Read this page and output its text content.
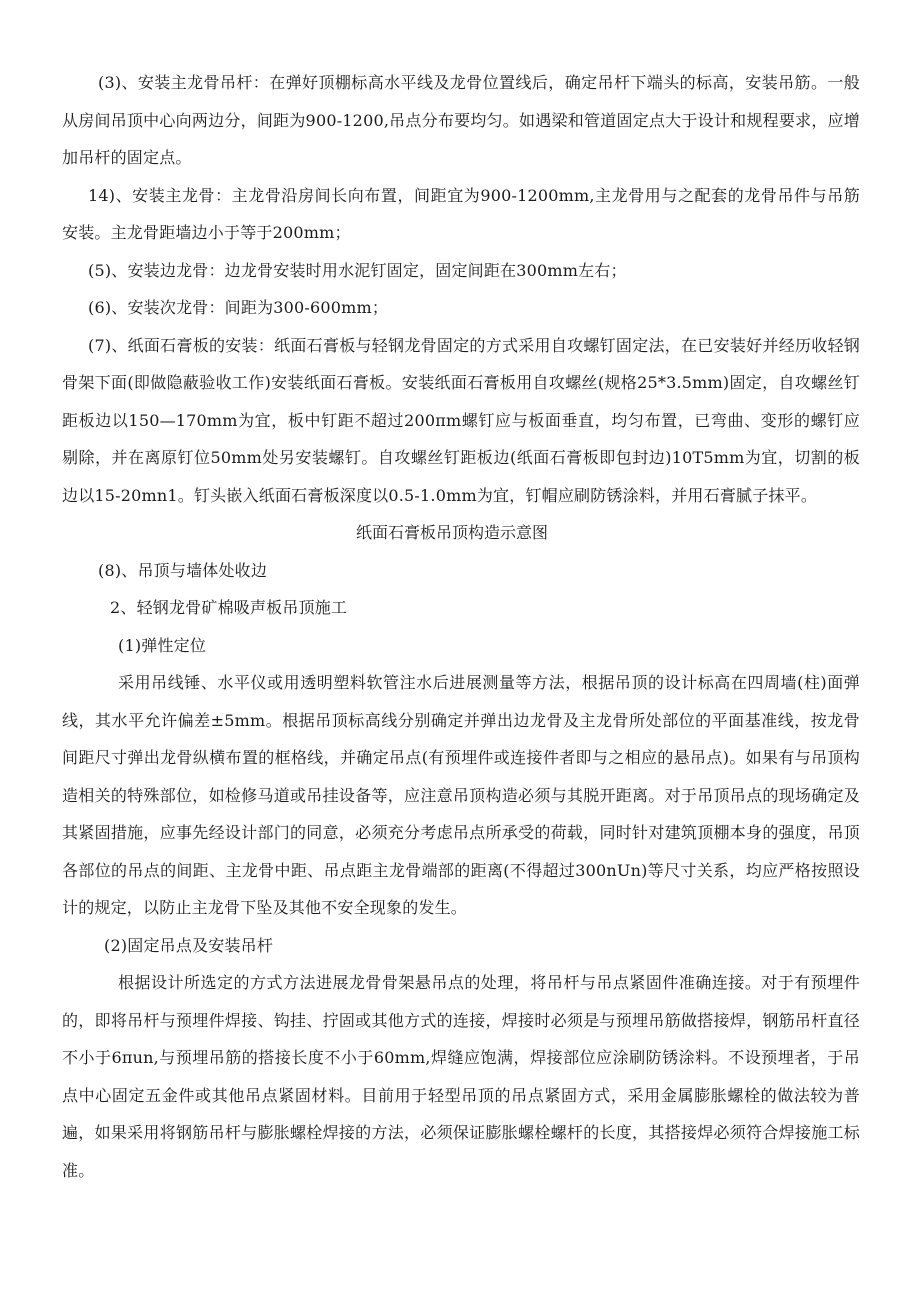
(3)、安装主龙骨吊杆：在弹好顶棚标高水平线及龙骨位置线后，确定吊杆下端头的标高，安装吊筋。一般从房间吊顶中心向两边分，间距为900-1200,吊点分布要均匀。如遇梁和管道固定点大于设计和规程要求，应增加吊杆的固定点。

14)、安装主龙骨：主龙骨沿房间长向布置，间距宜为900-1200mm,主龙骨用与之配套的龙骨吊件与吊筋安装。主龙骨距墙边小于等于200mm；

(5)、安装边龙骨：边龙骨安装时用水泥钉固定，固定间距在300mm左右；

(6)、安装次龙骨：间距为300-600mm；

(7)、纸面石膏板的安装：纸面石膏板与轻钢龙骨固定的方式采用自攻螺钉固定法，在已安装好并经历收轻钢骨架下面(即做隐蔽验收工作)安装纸面石膏板。安装纸面石膏板用自攻螺丝(规格25*3.5mm)固定，自攻螺丝钉距板边以150—170mm为宜，板中钉距不超过200πm螺钉应与板面垂直，均匀布置，已弯曲、变形的螺钉应剔除，并在离原钉位50mm处另安装螺钉。自攻螺丝钉距板边(纸面石膏板即包封边)10T5mm为宜，切割的板边以15-20mn1。钉头嵌入纸面石膏板深度以0.5-1.0mm为宜，钉帽应刷防锈涂料，并用石膏腻子抹平。

纸面石膏板吊顶构造示意图

(8)、吊顶与墙体处收边

2、轻钢龙骨矿棉吸声板吊顶施工

(1)弹性定位

采用吊线锤、水平仪或用透明塑料软管注水后进展测量等方法，根据吊顶的设计标高在四周墙(柱)面弹线，其水平允许偏差±5mm。根据吊顶标高线分别确定并弹出边龙骨及主龙骨所处部位的平面基准线，按龙骨间距尺寸弹出龙骨纵横布置的框格线，并确定吊点(有预埋件或连接件者即与之相应的悬吊点)。如果有与吊顶构造相关的特殊部位，如检修马道或吊挂设备等，应注意吊顶构造必须与其脱开距离。对于吊顶吊点的现场确定及其紧固措施，应事先经设计部门的同意，必须充分考虑吊点所承受的荷载，同时针对建筑顶棚本身的强度，吊顶各部位的吊点的间距、主龙骨中距、吊点距主龙骨端部的距离(不得超过300nUn)等尺寸关系，均应严格按照设计的规定，以防止主龙骨下坠及其他不安全现象的发生。

(2)固定吊点及安装吊杆

根据设计所选定的方式方法进展龙骨骨架悬吊点的处理，将吊杆与吊点紧固件准确连接。对于有预埋件的，即将吊杆与预埋件焊接、钩挂、拧固或其他方式的连接，焊接时必须是与预埋吊筋做搭接焊，钢筋吊杆直径不小于6πun,与预埋吊筋的搭接长度不小于60mm,焊缝应饱满，焊接部位应涂刷防锈涂料。不设预埋者，于吊点中心固定五金件或其他吊点紧固材料。目前用于轻型吊顶的吊点紧固方式，采用金属膨胀螺栓的做法较为普遍，如果采用将钢筋吊杆与膨胀螺栓焊接的方法，必须保证膨胀螺栓螺杆的长度，其搭接焊必须符合焊接施工标准。
